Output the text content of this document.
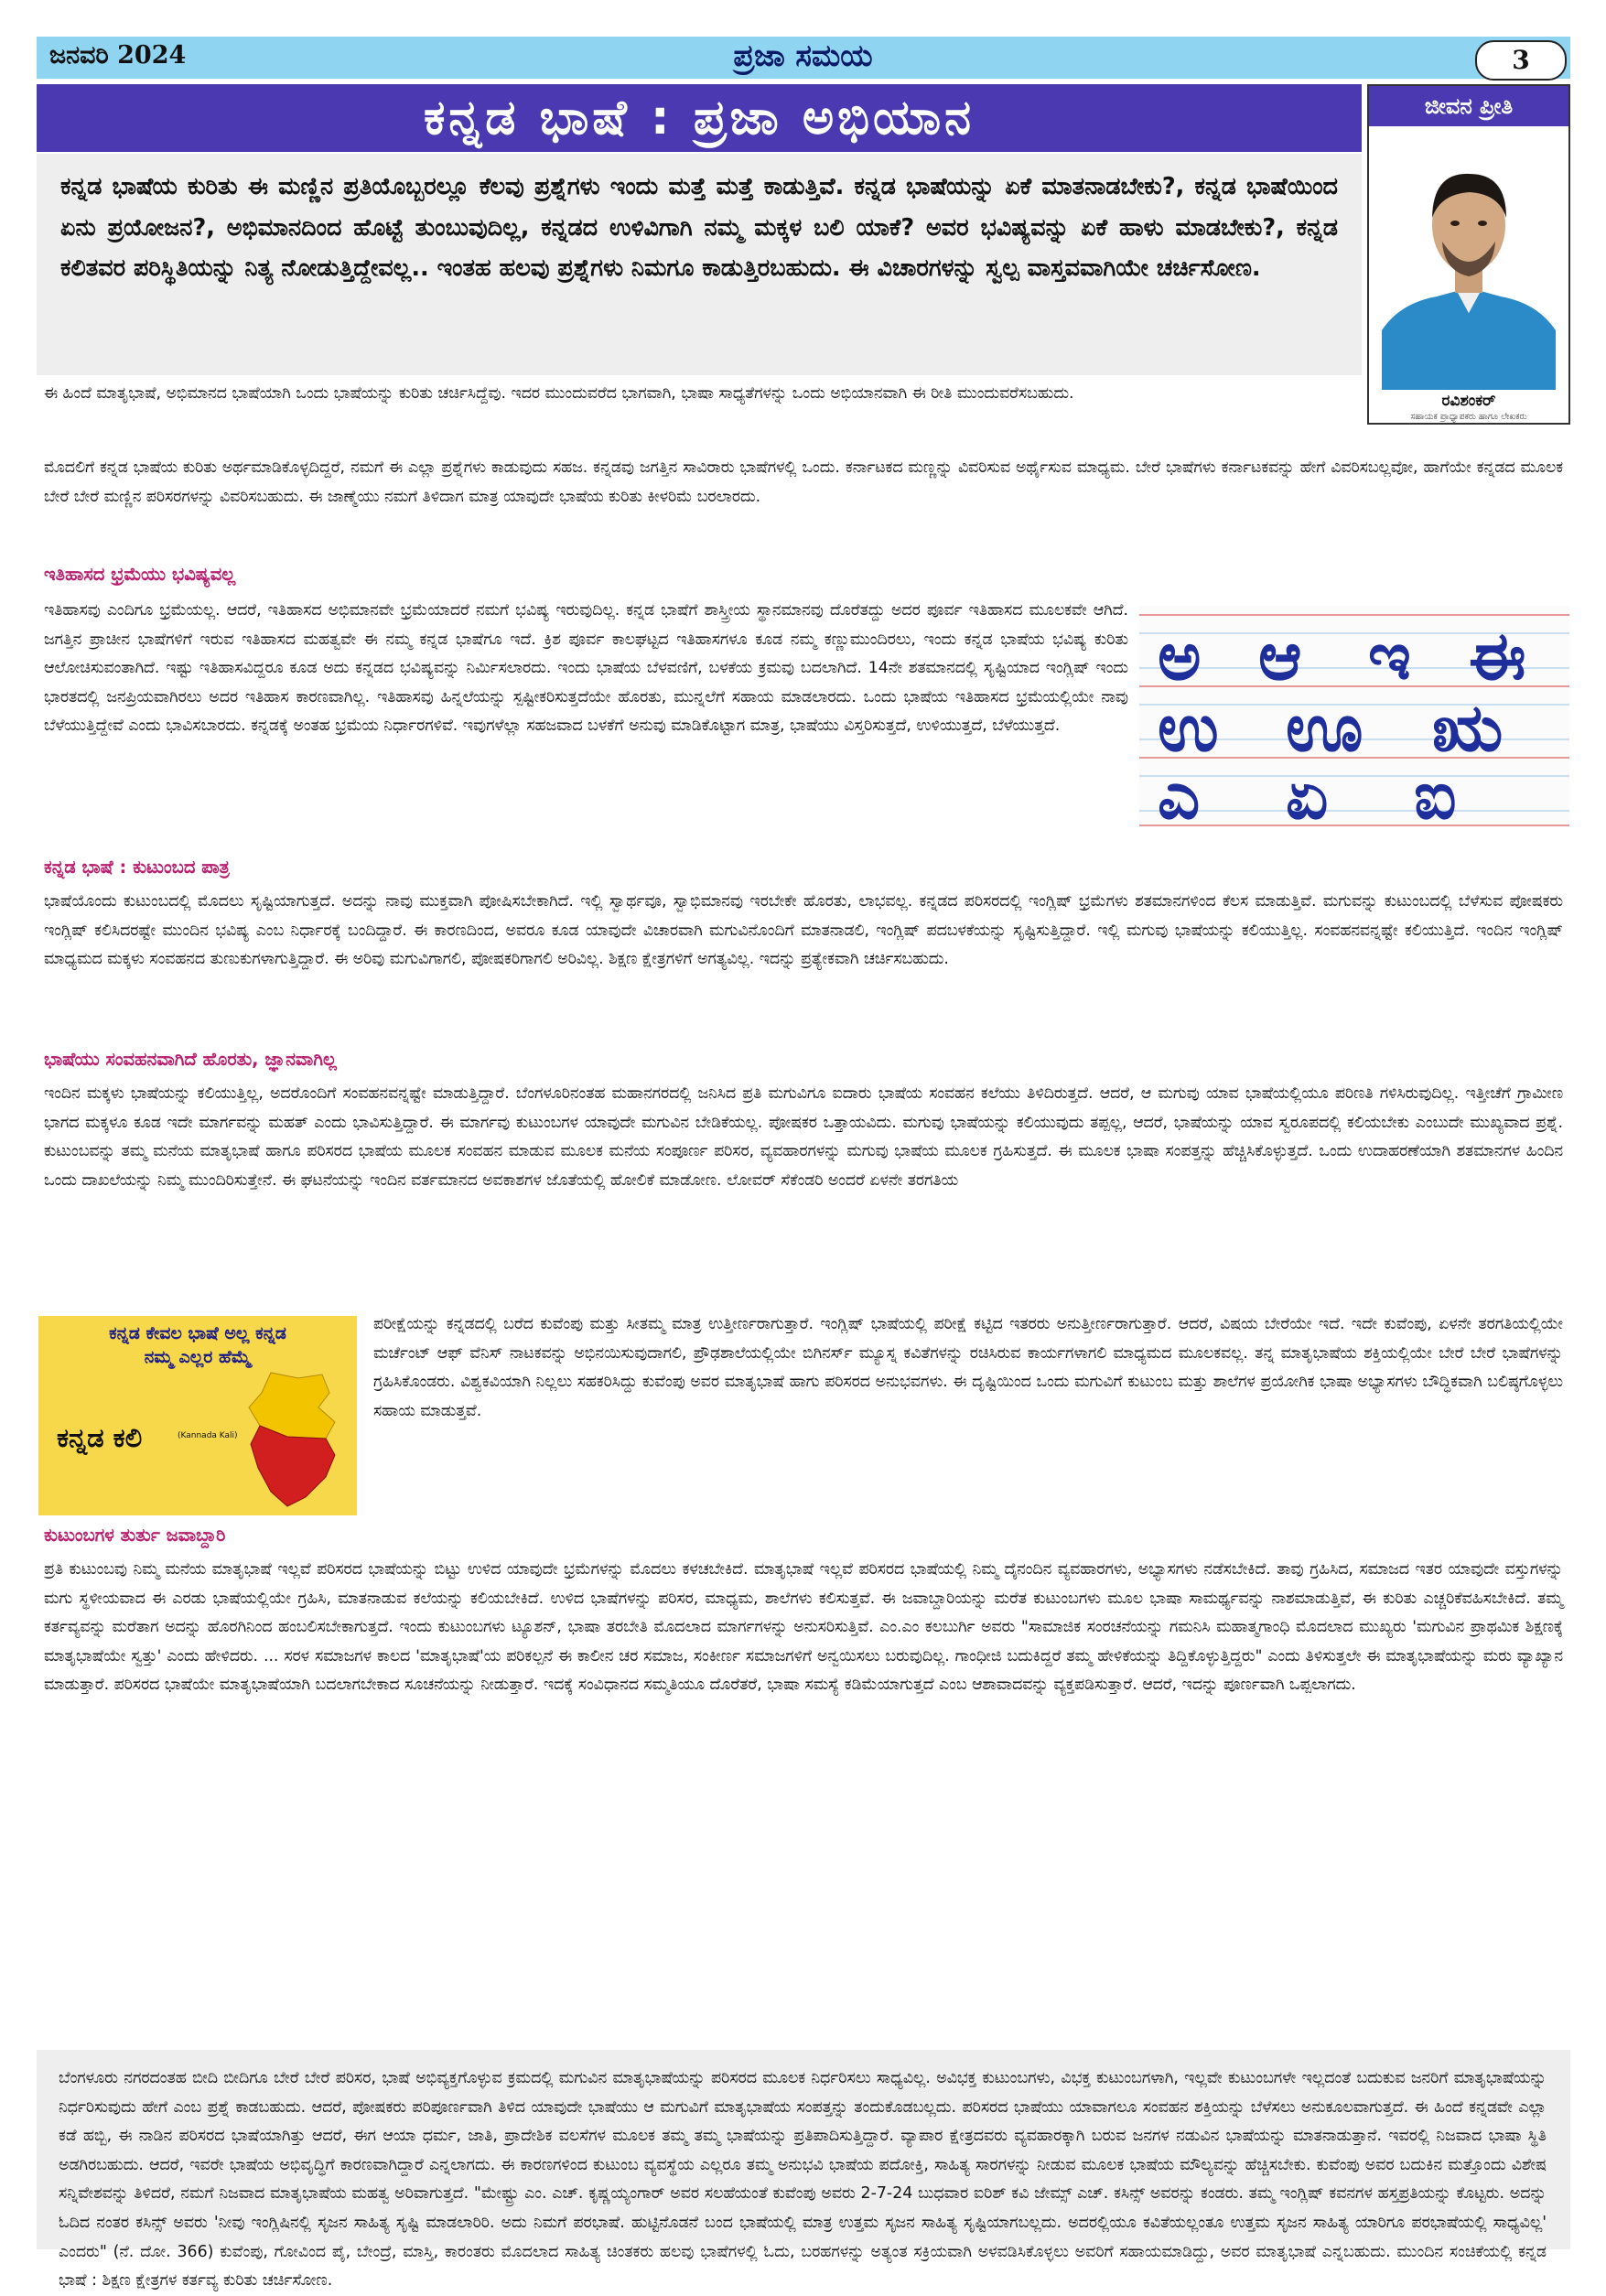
ಜನವರಿ 2024	ಪ್ರಜಾ ಸಮಯ	3
ಕನ್ನಡ ಭಾಷೆ : ಪ್ರಜಾ ಅಭಿಯಾನ
ಕನ್ನಡ ಭಾಷೆಯ ಕುರಿತು ಈ ಮಣ್ಣಿನ ಪ್ರತಿಯೊಬ್ಬರಲ್ಲೂ ಕೆಲವು ಪ್ರಶ್ನೆಗಳು ಇಂದು ಮತ್ತೆ ಮತ್ತೆ ಕಾಡುತ್ತಿವೆ. ಕನ್ನಡ ಭಾಷೆಯನ್ನು ಏಕೆ ಮಾತನಾಡಬೇಕು?, ಕನ್ನಡ ಭಾಷೆಯಿಂದ ಏನು ಪ್ರಯೋಜನ?, ಅಭಿಮಾನದಿಂದ ಹೊಟ್ಟೆ ತುಂಬುವುದಿಲ್ಲ, ಕನ್ನಡದ ಉಳಿವಿಗಾಗಿ ನಮ್ಮ ಮಕ್ಕಳ ಬಲಿ ಯಾಕೆ? ಅವರ ಭವಿಷ್ಯವನ್ನು ಏಕೆ ಹಾಳು ಮಾಡಬೇಕು?, ಕನ್ನಡ ಕಲಿತವರ ಪರಿಸ್ಥಿತಿಯನ್ನು ನಿತ್ಯ ನೋಡುತ್ತಿದ್ದೇವಲ್ಲ.. ಇಂತಹ ಹಲವು ಪ್ರಶ್ನೆಗಳು ನಿಮಗೂ ಕಾಡುತ್ತಿರಬಹುದು. ಈ ವಿಚಾರಗಳನ್ನು ಸ್ವಲ್ಪ ವಾಸ್ತವವಾಗಿಯೇ ಚರ್ಚಿಸೋಣ.
ಜೀವನ ಪ್ರೀತಿ
ರವಿಶಂಕರ್
ಸಹಾಯಕ ಪ್ರಾಧ್ಯಾಪಕರು ಹಾಗೂ ಲೇಖಕರು
ಈ ಹಿಂದೆ ಮಾತೃಭಾಷೆ, ಅಭಿಮಾನದ ಭಾಷೆಯಾಗಿ ಒಂದು ಭಾಷೆಯನ್ನು ಕುರಿತು ಚರ್ಚಿಸಿದ್ದೆವು. ಇದರ ಮುಂದುವರೆದ ಭಾಗವಾಗಿ, ಭಾಷಾ ಸಾಧ್ಯತೆಗಳನ್ನು ಒಂದು ಅಭಿಯಾನವಾಗಿ ಈ ರೀತಿ ಮುಂದುವರೆಸಬಹುದು.
ಮೊದಲಿಗೆ ಕನ್ನಡ ಭಾಷೆಯ ಕುರಿತು ಅರ್ಥಮಾಡಿಕೊಳ್ಳದಿದ್ದರೆ, ನಮಗೆ ಈ ಎಲ್ಲಾ ಪ್ರಶ್ನೆಗಳು ಕಾಡುವುದು ಸಹಜ. ಕನ್ನಡವು ಜಗತ್ತಿನ ಸಾವಿರಾರು ಭಾಷೆಗಳಲ್ಲಿ ಒಂದು. ಕರ್ನಾಟಕದ ಮಣ್ಣನ್ನು ವಿವರಿಸುವ ಅರ್ಥೈಸುವ ಮಾಧ್ಯಮ. ಬೇರೆ ಭಾಷೆಗಳು ಕರ್ನಾಟಕವನ್ನು ಹೇಗೆ ವಿವರಿಸಬಲ್ಲವೋ, ಹಾಗೆಯೇ ಕನ್ನಡದ ಮೂಲಕ ಬೇರೆ ಬೇರೆ ಮಣ್ಣಿನ ಪರಿಸರಗಳನ್ನು ವಿವರಿಸಬಹುದು. ಈ ಜಾಣ್ಮೆಯು ನಮಗೆ ತಿಳಿದಾಗ ಮಾತ್ರ ಯಾವುದೇ ಭಾಷೆಯ ಕುರಿತು ಕೀಳರಿಮೆ ಬರಲಾರದು.
ಇತಿಹಾಸದ ಭ್ರಮೆಯು ಭವಿಷ್ಯವಲ್ಲ
ಇತಿಹಾಸವು ಎಂದಿಗೂ ಭ್ರಮೆಯಲ್ಲ. ಆದರೆ, ಇತಿಹಾಸದ ಅಭಿಮಾನವೇ ಭ್ರಮೆಯಾದರೆ ನಮಗೆ ಭವಿಷ್ಯ ಇರುವುದಿಲ್ಲ. ಕನ್ನಡ ಭಾಷೆಗೆ ಶಾಸ್ತ್ರೀಯ ಸ್ಥಾನಮಾನವು ದೊರೆತದ್ದು ಅದರ ಪೂರ್ವ ಇತಿಹಾಸದ ಮೂಲಕವೇ ಆಗಿದೆ. ಜಗತ್ತಿನ ಪ್ರಾಚೀನ ಭಾಷೆಗಳಿಗೆ ಇರುವ ಇತಿಹಾಸದ ಮಹತ್ವವೇ ಈ ನಮ್ಮ ಕನ್ನಡ ಭಾಷೆಗೂ ಇದೆ. ಕ್ರಿಶ ಪೂರ್ವ ಕಾಲಘಟ್ಟದ ಇತಿಹಾಸಗಳೂ ಕೂಡ ನಮ್ಮ ಕಣ್ಣುಮುಂದಿರಲು, ಇಂದು ಕನ್ನಡ ಭಾಷೆಯ ಭವಿಷ್ಯ ಕುರಿತು ಆಲೋಚಿಸುವಂತಾಗಿದೆ. ಇಷ್ಟು ಇತಿಹಾಸವಿದ್ದರೂ ಕೂಡ ಅದು ಕನ್ನಡದ ಭವಿಷ್ಯವನ್ನು ನಿರ್ಮಿಸಲಾರದು. ಇಂದು ಭಾಷೆಯ ಬೆಳವಣಿಗೆ, ಬಳಕೆಯ ಕ್ರಮವು ಬದಲಾಗಿದೆ. 14ನೇ ಶತಮಾನದಲ್ಲಿ ಸೃಷ್ಟಿಯಾದ ಇಂಗ್ಲಿಷ್ ಇಂದು ಭಾರತದಲ್ಲಿ ಜನಪ್ರಿಯವಾಗಿರಲು ಅದರ ಇತಿಹಾಸ ಕಾರಣವಾಗಿಲ್ಲ. ಇತಿಹಾಸವು ಹಿನ್ನಲೆಯನ್ನು ಸ್ಪಷ್ಟೀಕರಿಸುತ್ತದೆಯೇ ಹೊರತು, ಮುನ್ನಲೆಗೆ ಸಹಾಯ ಮಾಡಲಾರದು. ಒಂದು ಭಾಷೆಯ ಇತಿಹಾಸದ ಭ್ರಮೆಯಲ್ಲಿಯೇ ನಾವು ಬೆಳೆಯುತ್ತಿದ್ದೇವೆ ಎಂದು ಭಾವಿಸಬಾರದು. ಕನ್ನಡಕ್ಕೆ ಅಂತಹ ಭ್ರಮೆಯ ನಿರ್ಧಾರಗಳಿವೆ. ಇವುಗಳೆಲ್ಲಾ ಸಹಜವಾದ ಬಳಕೆಗೆ ಅನುವು ಮಾಡಿಕೊಟ್ಟಾಗ ಮಾತ್ರ, ಭಾಷೆಯು ವಿಸ್ತರಿಸುತ್ತದೆ, ಉಳಿಯುತ್ತದೆ, ಬೆಳೆಯುತ್ತದೆ.
ಅ ಆ ಇ ಈ
ಉ ಊ ಋ
ಎ ಏ ಐ
ಕನ್ನಡ ಭಾಷೆ : ಕುಟುಂಬದ ಪಾತ್ರ
ಭಾಷೆಯೊಂದು ಕುಟುಂಬದಲ್ಲಿ ಮೊದಲು ಸೃಷ್ಟಿಯಾಗುತ್ತದೆ. ಅದನ್ನು ನಾವು ಮುಕ್ತವಾಗಿ ಪೋಷಿಸಬೇಕಾಗಿದೆ. ಇಲ್ಲಿ ಸ್ವಾರ್ಥವೂ, ಸ್ವಾಭಿಮಾನವು ಇರಬೇಕೇ ಹೊರತು, ಲಾಭವಲ್ಲ. ಕನ್ನಡದ ಪರಿಸರದಲ್ಲಿ ಇಂಗ್ಲಿಷ್ ಭ್ರಮೆಗಳು ಶತಮಾನಗಳಿಂದ ಕೆಲಸ ಮಾಡುತ್ತಿವೆ. ಮಗುವನ್ನು ಕುಟುಂಬದಲ್ಲಿ ಬೆಳೆಸುವ ಪೋಷಕರು ಇಂಗ್ಲಿಷ್ ಕಲಿಸಿದರಷ್ಟೇ ಮುಂದಿನ ಭವಿಷ್ಯ ಎಂಬ ನಿರ್ಧಾರಕ್ಕೆ ಬಂದಿದ್ದಾರೆ. ಈ ಕಾರಣದಿಂದ, ಅವರೂ ಕೂಡ ಯಾವುದೇ ವಿಚಾರವಾಗಿ ಮಗುವಿನೊಂದಿಗೆ ಮಾತನಾಡಲಿ, ಇಂಗ್ಲಿಷ್ ಪದಬಳಕೆಯನ್ನು ಸೃಷ್ಟಿಸುತ್ತಿದ್ದಾರೆ. ಇಲ್ಲಿ ಮಗುವು ಭಾಷೆಯನ್ನು ಕಲಿಯುತ್ತಿಲ್ಲ. ಸಂವಹನವನ್ನಷ್ಟೇ ಕಲಿಯುತ್ತಿದೆ. ಇಂದಿನ ಇಂಗ್ಲಿಷ್ ಮಾಧ್ಯಮದ ಮಕ್ಕಳು ಸಂವಹನದ ತುಣುಕುಗಳಾಗುತ್ತಿದ್ದಾರೆ. ಈ ಅರಿವು ಮಗುವಿಗಾಗಲಿ, ಪೋಷಕರಿಗಾಗಲಿ ಅರಿವಿಲ್ಲ. ಶಿಕ್ಷಣ ಕ್ಷೇತ್ರಗಳಿಗೆ ಅಗತ್ಯವಿಲ್ಲ. ಇದನ್ನು ಪ್ರತ್ಯೇಕವಾಗಿ ಚರ್ಚಿಸಬಹುದು.
ಭಾಷೆಯು ಸಂವಹನವಾಗಿದೆ ಹೊರತು, ಜ್ಞಾನವಾಗಿಲ್ಲ
ಇಂದಿನ ಮಕ್ಕಳು ಭಾಷೆಯನ್ನು ಕಲಿಯುತ್ತಿಲ್ಲ, ಅದರೊಂದಿಗೆ ಸಂವಹನವನ್ನಷ್ಟೇ ಮಾಡುತ್ತಿದ್ದಾರೆ. ಬೆಂಗಳೂರಿನಂತಹ ಮಹಾನಗರದಲ್ಲಿ ಜನಿಸಿದ ಪ್ರತಿ ಮಗುವಿಗೂ ಐದಾರು ಭಾಷೆಯ ಸಂವಹನ ಕಲೆಯು ತಿಳಿದಿರುತ್ತದೆ. ಆದರೆ, ಆ ಮಗುವು ಯಾವ ಭಾಷೆಯಲ್ಲಿಯೂ ಪರಿಣತಿ ಗಳಿಸಿರುವುದಿಲ್ಲ. ಇತ್ತೀಚೆಗೆ ಗ್ರಾಮೀಣ ಭಾಗದ ಮಕ್ಕಳೂ ಕೂಡ ಇದೇ ಮಾರ್ಗವನ್ನು ಮಹತ್ ಎಂದು ಭಾವಿಸುತ್ತಿದ್ದಾರೆ. ಈ ಮಾರ್ಗವು ಕುಟುಂಬಗಳ ಯಾವುದೇ ಮಗುವಿನ ಬೇಡಿಕೆಯಲ್ಲ. ಪೋಷಕರ ಒತ್ತಾಯವಿದು. ಮಗುವು ಭಾಷೆಯನ್ನು ಕಲಿಯುವುದು ತಪ್ಪಲ್ಲ, ಆದರೆ, ಭಾಷೆಯನ್ನು ಯಾವ ಸ್ವರೂಪದಲ್ಲಿ ಕಲಿಯಬೇಕು ಎಂಬುದೇ ಮುಖ್ಯವಾದ ಪ್ರಶ್ನೆ. ಕುಟುಂಬವನ್ನು ತಮ್ಮ ಮನೆಯ ಮಾತೃಭಾಷೆ ಹಾಗೂ ಪರಿಸರದ ಭಾಷೆಯ ಮೂಲಕ ಸಂವಹನ ಮಾಡುವ ಮೂಲಕ ಮನೆಯ ಸಂಪೂರ್ಣ ಪರಿಸರ, ವ್ಯವಹಾರಗಳನ್ನು ಮಗುವು ಭಾಷೆಯ ಮೂಲಕ ಗ್ರಹಿಸುತ್ತದೆ. ಈ ಮೂಲಕ ಭಾಷಾ ಸಂಪತ್ತನ್ನು ಹೆಚ್ಚಿಸಿಕೊಳ್ಳುತ್ತದೆ. ಒಂದು ಉದಾಹರಣೆಯಾಗಿ ಶತಮಾನಗಳ ಹಿಂದಿನ ಒಂದು ದಾಖಲೆಯನ್ನು ನಿಮ್ಮ ಮುಂದಿರಿಸುತ್ತೇನೆ. ಈ ಘಟನೆಯನ್ನು ಇಂದಿನ ವರ್ತಮಾನದ ಅವಕಾಶಗಳ ಜೊತೆಯಲ್ಲಿ ಹೋಲಿಕೆ ಮಾಡೋಣ. ಲೋವರ್ ಸೆಕೆಂಡರಿ ಅಂದರೆ ಏಳನೇ ತರಗತಿಯ
ಕನ್ನಡ ಕೇವಲ ಭಾಷೆ ಅಲ್ಲ ಕನ್ನಡ
ನಮ್ಮ ಎಲ್ಲರ ಹೆಮ್ಮೆ
ಕನ್ನಡ ಕಲಿ	(Kannada Kali)
ಪರೀಕ್ಷೆಯನ್ನು ಕನ್ನಡದಲ್ಲಿ ಬರೆದ ಕುವೆಂಪು ಮತ್ತು ಸೀತಮ್ಮ ಮಾತ್ರ ಉತ್ತೀರ್ಣರಾಗುತ್ತಾರೆ. ಇಂಗ್ಲಿಷ್ ಭಾಷೆಯಲ್ಲಿ ಪರೀಕ್ಷೆ ಕಟ್ಟಿದ ಇತರರು ಅನುತ್ತೀರ್ಣರಾಗುತ್ತಾರೆ. ಆದರೆ, ವಿಷಯ ಬೇರೆಯೇ ಇದೆ. ಇದೇ ಕುವೆಂಪು, ಏಳನೇ ತರಗತಿಯಲ್ಲಿಯೇ ಮರ್ಚೆಂಟ್ ಆಫ್ ವೆನಿಸ್ ನಾಟಕವನ್ನು ಅಭಿನಯಿಸುವುದಾಗಲಿ, ಪ್ರೌಢಶಾಲೆಯಲ್ಲಿಯೇ ಬಿಗಿನರ್ಸ್ ಮ್ಯೂಸ್ನ ಕವಿತೆಗಳನ್ನು ರಚಿಸಿರುವ ಕಾರ್ಯಗಳಾಗಲಿ ಮಾಧ್ಯಮದ ಮೂಲಕವಲ್ಲ. ತನ್ನ ಮಾತೃಭಾಷೆಯ ಶಕ್ತಿಯಲ್ಲಿಯೇ ಬೇರೆ ಬೇರೆ ಭಾಷೆಗಳನ್ನು ಗ್ರಹಿಸಿಕೊಂಡರು. ವಿಶ್ವಕವಿಯಾಗಿ ನಿಲ್ಲಲು ಸಹಕರಿಸಿದ್ದು ಕುವೆಂಪು ಅವರ ಮಾತೃಭಾಷೆ ಹಾಗು ಪರಿಸರದ ಅನುಭವಗಳು. ಈ ದೃಷ್ಟಿಯಿಂದ ಒಂದು ಮಗುವಿಗೆ ಕುಟುಂಬ ಮತ್ತು ಶಾಲೆಗಳ ಪ್ರಯೋಗಿಕ ಭಾಷಾ ಅಭ್ಯಾಸಗಳು ಬೌದ್ಧಿಕವಾಗಿ ಬಲಿಷ್ಠಗೊಳ್ಳಲು ಸಹಾಯ ಮಾಡುತ್ತವೆ.
ಕುಟುಂಬಗಳ ತುರ್ತು ಜವಾಬ್ದಾರಿ
ಪ್ರತಿ ಕುಟುಂಬವು ನಿಮ್ಮ ಮನೆಯ ಮಾತೃಭಾಷೆ ಇಲ್ಲವೆ ಪರಿಸರದ ಭಾಷೆಯನ್ನು ಬಿಟ್ಟು ಉಳಿದ ಯಾವುದೇ ಭ್ರಮೆಗಳನ್ನು ಮೊದಲು ಕಳಚಬೇಕಿದೆ. ಮಾತೃಭಾಷೆ ಇಲ್ಲವೆ ಪರಿಸರದ ಭಾಷೆಯಲ್ಲಿ ನಿಮ್ಮ ದೈನಂದಿನ ವ್ಯವಹಾರಗಳು, ಅಭ್ಯಾಸಗಳು ನಡೆಸಬೇಕಿದೆ. ತಾವು ಗ್ರಹಿಸಿದ, ಸಮಾಜದ ಇತರ ಯಾವುದೇ ವಸ್ತುಗಳನ್ನು ಮಗು ಸ್ಥಳೀಯವಾದ ಈ ಎರಡು ಭಾಷೆಯಲ್ಲಿಯೇ ಗ್ರಹಿಸಿ, ಮಾತನಾಡುವ ಕಲೆಯನ್ನು ಕಲಿಯಬೇಕಿದೆ. ಉಳಿದ ಭಾಷೆಗಳನ್ನು ಪರಿಸರ, ಮಾಧ್ಯಮ, ಶಾಲೆಗಳು ಕಲಿಸುತ್ತವೆ. ಈ ಜವಾಬ್ದಾರಿಯನ್ನು ಮರೆತ ಕುಟುಂಬಗಳು ಮೂಲ ಭಾಷಾ ಸಾಮರ್ಥ್ಯವನ್ನು ನಾಶಮಾಡುತ್ತಿವೆ, ಈ ಕುರಿತು ಎಚ್ಚರಿಕೆವಹಿಸಬೇಕಿದೆ. ತಮ್ಮ ಕರ್ತವ್ಯವನ್ನು ಮರೆತಾಗ ಅದನ್ನು ಹೊರಗಿನಿಂದ ಹಂಬಲಿಸಬೇಕಾಗುತ್ತದೆ. ಇಂದು ಕುಟುಂಬಗಳು ಟ್ಯೂಶನ್, ಭಾಷಾ ತರಬೇತಿ ಮೊದಲಾದ ಮಾರ್ಗಗಳನ್ನು ಅನುಸರಿಸುತ್ತಿವೆ. ಎಂ.ಎಂ ಕಲಬುರ್ಗಿ ಅವರು "ಸಾಮಾಜಿಕ ಸಂರಚನೆಯನ್ನು ಗಮನಿಸಿ ಮಹಾತ್ಮಗಾಂಧಿ ಮೊದಲಾದ ಮುಖ್ಯರು 'ಮಗುವಿನ ಪ್ರಾಥಮಿಕ ಶಿಕ್ಷಣಕ್ಕೆ ಮಾತೃಭಾಷೆಯೇ ಸ್ವತ್ತು' ಎಂದು ಹೇಳಿದರು. ... ಸರಳ ಸಮಾಜಗಳ ಕಾಲದ 'ಮಾತೃಭಾಷೆ'ಯ ಪರಿಕಲ್ಪನೆ ಈ ಕಾಲೀನ ಚರ ಸಮಾಜ, ಸಂಕೀರ್ಣ ಸಮಾಜಗಳಿಗೆ ಅನ್ವಯಿಸಲು ಬರುವುದಿಲ್ಲ. ಗಾಂಧೀಜಿ ಬದುಕಿದ್ದರೆ ತಮ್ಮ ಹೇಳಿಕೆಯನ್ನು ತಿದ್ದಿಕೊಳ್ಳುತ್ತಿದ್ದರು" ಎಂದು ತಿಳಿಸುತ್ತಲೇ ಈ ಮಾತೃಭಾಷೆಯನ್ನು ಮರು ವ್ಯಾಖ್ಯಾನ ಮಾಡುತ್ತಾರೆ. ಪರಿಸರದ ಭಾಷೆಯೇ ಮಾತೃಭಾಷೆಯಾಗಿ ಬದಲಾಗಬೇಕಾದ ಸೂಚನೆಯನ್ನು ನೀಡುತ್ತಾರೆ. ಇದಕ್ಕೆ ಸಂವಿಧಾನದ ಸಮ್ಮತಿಯೂ ದೊರೆತರೆ, ಭಾಷಾ ಸಮಸ್ಯೆ ಕಡಿಮೆಯಾಗುತ್ತದೆ ಎಂಬ ಆಶಾವಾದವನ್ನು ವ್ಯಕ್ತಪಡಿಸುತ್ತಾರೆ. ಆದರೆ, ಇದನ್ನು ಪೂರ್ಣವಾಗಿ ಒಪ್ಪಲಾಗದು.
ಬೆಂಗಳೂರು ನಗರದಂತಹ ಬೀದಿ ಬೀದಿಗೂ ಬೇರೆ ಬೇರೆ ಪರಿಸರ, ಭಾಷೆ ಅಭಿವ್ಯಕ್ತಗೊಳ್ಳುವ ಕ್ರಮದಲ್ಲಿ ಮಗುವಿನ ಮಾತೃಭಾಷೆಯನ್ನು ಪರಿಸರದ ಮೂಲಕ ನಿರ್ಧರಿಸಲು ಸಾಧ್ಯವಿಲ್ಲ. ಅವಿಭಕ್ತ ಕುಟುಂಬಗಳು, ವಿಭಕ್ತ ಕುಟುಂಬಗಳಾಗಿ, ಇಲ್ಲವೇ ಕುಟುಂಬಗಳೇ ಇಲ್ಲದಂತೆ ಬದುಕುವ ಜನರಿಗೆ ಮಾತೃಭಾಷೆಯನ್ನು ನಿರ್ಧರಿಸುವುದು ಹೇಗೆ ಎಂಬ ಪ್ರಶ್ನೆ ಕಾಡಬಹುದು. ಆದರೆ, ಪೋಷಕರು ಪರಿಪೂರ್ಣವಾಗಿ ತಿಳಿದ ಯಾವುದೇ ಭಾಷೆಯು ಆ ಮಗುವಿಗೆ ಮಾತೃಭಾಷೆಯ ಸಂಪತ್ತನ್ನು ತಂದುಕೊಡಬಲ್ಲದು. ಪರಿಸರದ ಭಾಷೆಯು ಯಾವಾಗಲೂ ಸಂವಹನ ಶಕ್ತಿಯನ್ನು ಬೆಳೆಸಲು ಅನುಕೂಲವಾಗುತ್ತದೆ. ಈ ಹಿಂದೆ ಕನ್ನಡವೇ ಎಲ್ಲಾ ಕಡೆ ಹಬ್ಬಿ, ಈ ನಾಡಿನ ಪರಿಸರದ ಭಾಷೆಯಾಗಿತ್ತು ಆದರೆ, ಈಗ ಆಯಾ ಧರ್ಮ, ಜಾತಿ, ಪ್ರಾದೇಶಿಕ ವಲಸೆಗಳ ಮೂಲಕ ತಮ್ಮ ತಮ್ಮ ಭಾಷೆಯನ್ನು ಪ್ರತಿಪಾದಿಸುತ್ತಿದ್ದಾರೆ. ವ್ಯಾಪಾರ ಕ್ಷೇತ್ರದವರು ವ್ಯವಹಾರಕ್ಕಾಗಿ ಬರುವ ಜನಗಳ ನಡುವಿನ ಭಾಷೆಯನ್ನು ಮಾತನಾಡುತ್ತಾನೆ. ಇವರಲ್ಲಿ ನಿಜವಾದ ಭಾಷಾ ಸ್ಥಿತಿ ಅಡಗಿರಬಹುದು. ಆದರೆ, ಇವರೇ ಭಾಷೆಯ ಅಭಿವೃದ್ಧಿಗೆ ಕಾರಣವಾಗಿದ್ದಾರೆ ಎನ್ನಲಾಗದು. ಈ ಕಾರಣಗಳಿಂದ ಕುಟುಂಬ ವ್ಯವಸ್ಥೆಯ ಎಲ್ಲರೂ ತಮ್ಮ ಅನುಭವಿ ಭಾಷೆಯ ಪದೋಕ್ತಿ, ಸಾಹಿತ್ಯ ಸಾರಗಳನ್ನು ನೀಡುವ ಮೂಲಕ ಭಾಷೆಯ ಮೌಲ್ಯವನ್ನು ಹೆಚ್ಚಿಸಬೇಕು. ಕುವೆಂಪು ಅವರ ಬದುಕಿನ ಮತ್ತೊಂದು ವಿಶೇಷ ಸನ್ನಿವೇಶವನ್ನು ತಿಳಿದರೆ, ನಮಗೆ ನಿಜವಾದ ಮಾತೃಭಾಷೆಯ ಮಹತ್ವ ಅರಿವಾಗುತ್ತದೆ. "ಮೇಷ್ಟ್ರು ಎಂ. ಎಚ್. ಕೃಷ್ಣಯ್ಯಂಗಾರ್ ಅವರ ಸಲಹೆಯಂತೆ ಕುವೆಂಪು ಅವರು 2-7-24 ಬುಧವಾರ ಐರಿಶ್ ಕವಿ ಜೇಮ್ಸ್ ಎಚ್. ಕಸಿನ್ಸ್ ಅವರನ್ನು ಕಂಡರು. ತಮ್ಮ ಇಂಗ್ಲಿಷ್ ಕವನಗಳ ಹಸ್ತಪ್ರತಿಯನ್ನು ಕೊಟ್ಟರು. ಅದನ್ನು ಓದಿದ ನಂತರ ಕಸಿನ್ಸ್ ಅವರು 'ನೀವು ಇಂಗ್ಲಿಷಿನಲ್ಲಿ ಸೃಜನ ಸಾಹಿತ್ಯ ಸೃಷ್ಟಿ ಮಾಡಲಾರಿರಿ. ಅದು ನಿಮಗೆ ಪರಭಾಷೆ. ಹುಟ್ಟಿನೊಡನೆ ಬಂದ ಭಾಷೆಯಲ್ಲಿ ಮಾತ್ರ ಉತ್ತಮ ಸೃಜನ ಸಾಹಿತ್ಯ ಸೃಷ್ಟಿಯಾಗಬಲ್ಲದು. ಅದರಲ್ಲಿಯೂ ಕವಿತೆಯಲ್ಲಂತೂ ಉತ್ತಮ ಸೃಜನ ಸಾಹಿತ್ಯ ಯಾರಿಗೂ ಪರಭಾಷೆಯಲ್ಲಿ ಸಾಧ್ಯವಿಲ್ಲ' ಎಂದರು" (ನೆ. ದೋ. 366) ಕುವೆಂಪು, ಗೋವಿಂದ ಪೈ, ಬೇಂದ್ರೆ, ಮಾಸ್ತಿ, ಕಾರಂತರು ಮೊದಲಾದ ಸಾಹಿತ್ಯ ಚಿಂತಕರು ಹಲವು ಭಾಷೆಗಳಲ್ಲಿ ಓದು, ಬರಹಗಳನ್ನು ಅತ್ಯಂತ ಸಕ್ರಿಯವಾಗಿ ಅಳವಡಿಸಿಕೊಳ್ಳಲು ಅವರಿಗೆ ಸಹಾಯಮಾಡಿದ್ದು, ಅವರ ಮಾತೃಭಾಷೆ ಎನ್ನಬಹುದು. ಮುಂದಿನ ಸಂಚಿಕೆಯಲ್ಲಿ ಕನ್ನಡ ಭಾಷೆ : ಶಿಕ್ಷಣ ಕ್ಷೇತ್ರಗಳ ಕರ್ತವ್ಯ ಕುರಿತು ಚರ್ಚಿಸೋಣ.
